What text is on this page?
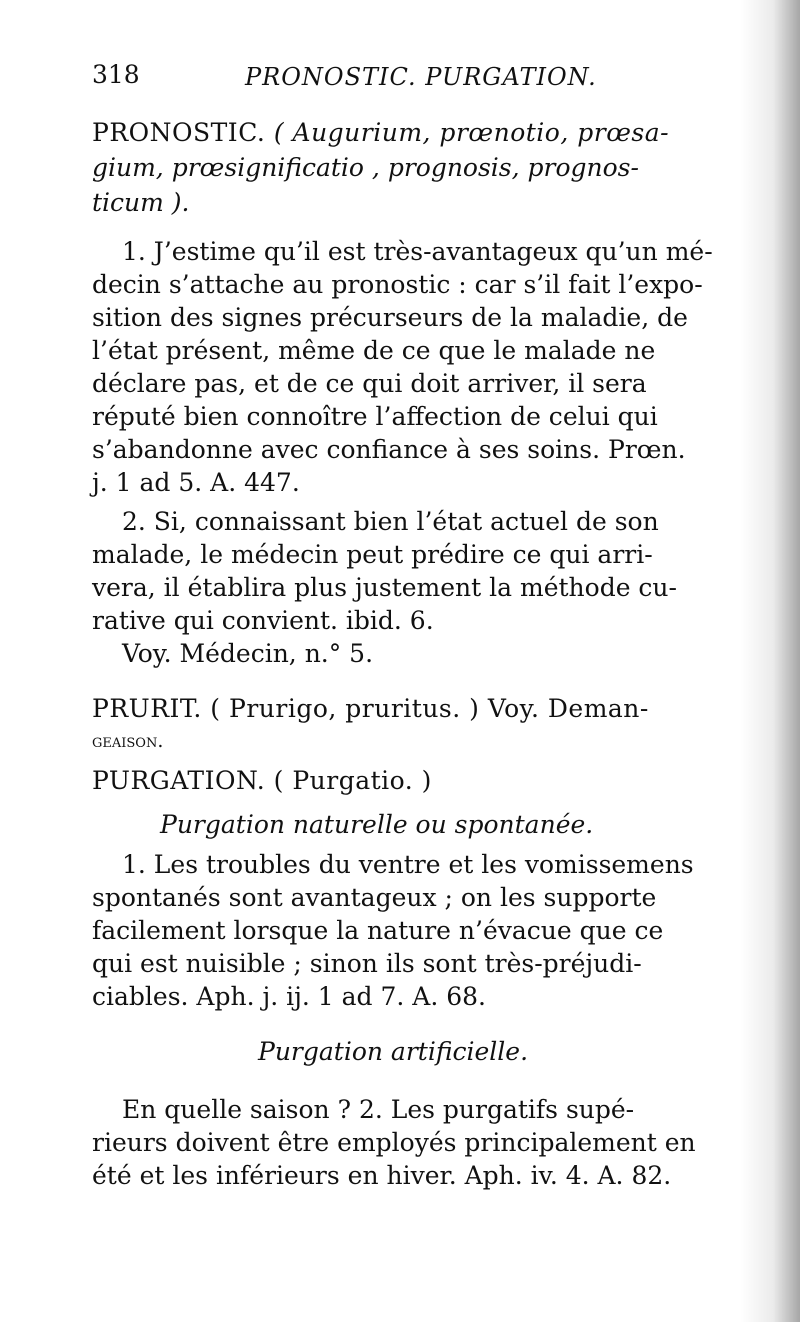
318	PRONOSTIC. PURGATION.

PRONOSTIC. ( Augurium, prœnotio, prœsa-

gium, prœsignificatio , prognosis, prognos-

ticum ).

1. J’estime qu’il est très-avantageux qu’un mé-

decin s’attache au pronostic : car s’il fait l’expo-

sition des signes précurseurs de la maladie, de

l’état présent, même de ce que le malade ne

déclare pas, et de ce qui doit arriver, il sera

réputé bien connoître l’affection de celui qui

s’abandonne avec confiance à ses soins. Prœn.

j. 1 ad 5. A. 447.

2. Si, connaissant bien l’état actuel de son

malade, le médecin peut prédire ce qui arri-

vera, il établira plus justement la méthode cu-

rative qui convient. ibid. 6.

Voy. Médecin, n.° 5.

PRURIT. ( Prurigo, pruritus. ) Voy. Deman-

geaison.

PURGATION. ( Purgatio. )

Purgation naturelle ou spontanée.

1. Les troubles du ventre et les vomissemens

spontanés sont avantageux ; on les supporte

facilement lorsque la nature n’évacue que ce

qui est nuisible ; sinon ils sont très-préjudi-

ciables. Aph. j. ij. 1 ad 7. A. 68.

Purgation artificielle.

En quelle saison ? 2. Les purgatifs supé-

rieurs doivent être employés principalement en

été et les inférieurs en hiver. Aph. iv. 4. A. 82.
